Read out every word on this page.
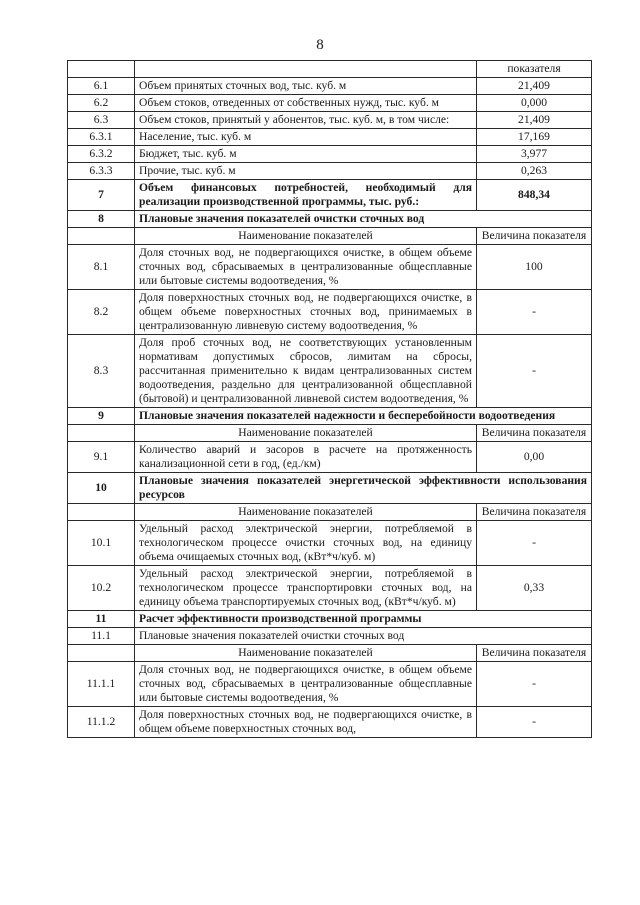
8
		показателя
6.1	Объем принятых сточных вод, тыс. куб. м	21,409
6.2	Объем стоков, отведенных от собственных нужд, тыс. куб. м	0,000
6.3	Объем стоков, принятый у абонентов, тыс. куб. м, в том числе:	21,409
6.3.1	Население, тыс. куб. м	17,169
6.3.2	Бюджет, тыс. куб. м	3,977
6.3.3	Прочие, тыс. куб. м	0,263
7	Объем финансовых потребностей, необходимый для реализации производственной программы, тыс. руб.:	848,34
8	Плановые значения показателей очистки сточных вод	
	Наименование показателей	Величина показателя
8.1	Доля сточных вод, не подвергающихся очистке, в общем объеме сточных вод, сбрасываемых в централизованные общесплавные или бытовые системы водоотведения, %	100
8.2	Доля поверхностных сточных вод, не подвергающихся очистке, в общем объеме поверхностных сточных вод, принимаемых в централизованную ливневую систему водоотведения, %	-
8.3	Доля проб сточных вод, не соответствующих установленным нормативам допустимых сбросов, лимитам на сбросы, рассчитанная применительно к видам централизованных систем водоотведения, раздельно для централизованной общесплавной (бытовой) и централизованной ливневой систем водоотведения, %	-
9	Плановые значения показателей надежности и бесперебойности водоотведения	
	Наименование показателей	Величина показателя
9.1	Количество аварий и засоров в расчете на протяженность канализационной сети в год, (ед./км)	0,00
10	Плановые значения показателей энергетической эффективности использования ресурсов	
	Наименование показателей	Величина показателя
10.1	Удельный расход электрической энергии, потребляемой в технологическом процессе очистки сточных вод, на единицу объема очищаемых сточных вод, (кВт*ч/куб. м)	-
10.2	Удельный расход электрической энергии, потребляемой в технологическом процессе транспортировки сточных вод, на единицу объема транспортируемых сточных вод, (кВт*ч/куб. м)	0,33
11	Расчет эффективности производственной программы	
11.1	Плановые значения показателей очистки сточных вод	
	Наименование показателей	Величина показателя
11.1.1	Доля сточных вод, не подвергающихся очистке, в общем объеме сточных вод, сбрасываемых в централизованные общесплавные или бытовые системы водоотведения, %	-
11.1.2	Доля поверхностных сточных вод, не подвергающихся очистке, в общем объеме поверхностных сточных вод,	-
